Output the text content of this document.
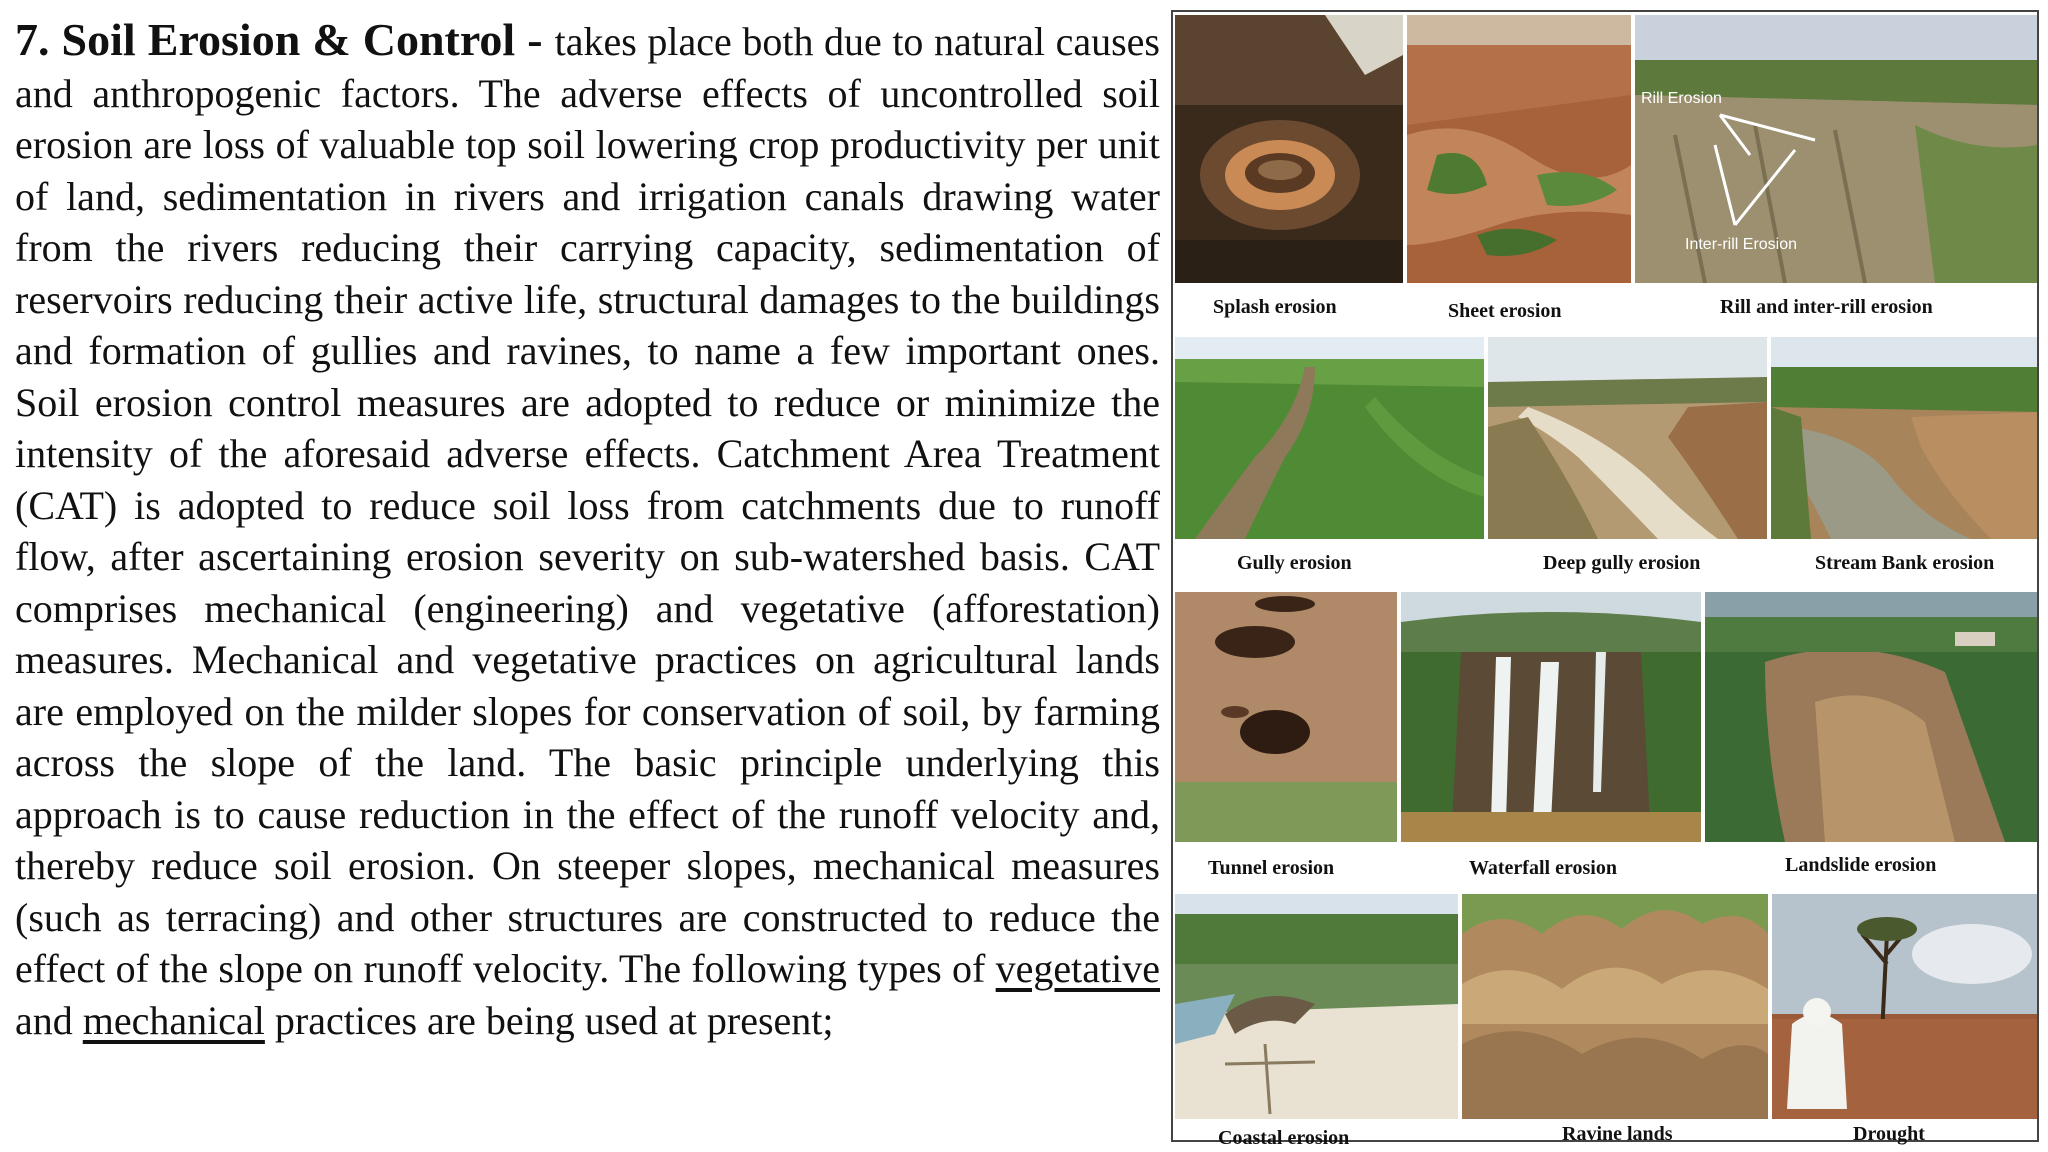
7. Soil Erosion & Control - takes place both due to natural causes and anthropogenic factors. The adverse effects of uncontrolled soil erosion are loss of valuable top soil lowering crop productivity per unit of land, sedimentation in rivers and irrigation canals drawing water from the rivers reducing their carrying capacity, sedimentation of reservoirs reducing their active life, structural damages to the buildings and formation of gullies and ravines, to name a few important ones. Soil erosion control measures are adopted to reduce or minimize the intensity of the aforesaid adverse effects. Catchment Area Treatment (CAT) is adopted to reduce soil loss from catchments due to runoff flow, after ascertaining erosion severity on sub-watershed basis. CAT comprises mechanical (engineering) and vegetative (afforestation) measures. Mechanical and vegetative practices on agricultural lands are employed on the milder slopes for conservation of soil, by farming across the slope of the land. The basic principle underlying this approach is to cause reduction in the effect of the runoff velocity and, thereby reduce soil erosion. On steeper slopes, mechanical measures (such as terracing) and other structures are constructed to reduce the effect of the slope on runoff velocity. The following types of vegetative and mechanical practices are being used at present;

Rill Erosion
Inter-rill Erosion
Splash erosion	Sheet erosion	Rill and inter-rill erosion
Gully erosion	Deep gully erosion	Stream Bank erosion
Tunnel erosion	Waterfall erosion	Landslide erosion
Coastal erosion	Ravine lands	Drought
